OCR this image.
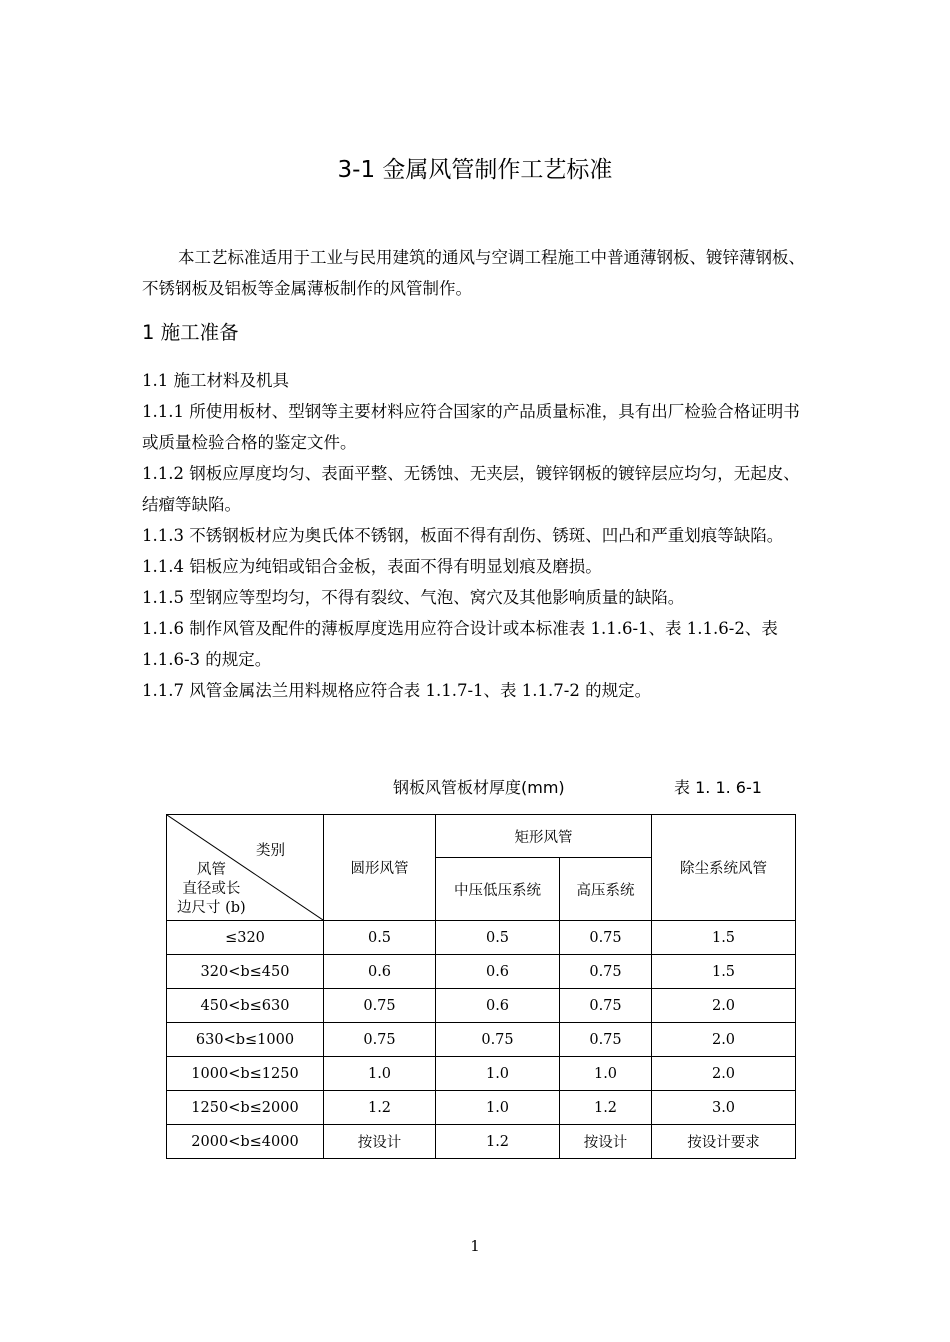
3-1 金属风管制作工艺标准
本工艺标准适用于工业与民用建筑的通风与空调工程施工中普通薄钢板、镀锌薄钢板、不锈钢板及铝板等金属薄板制作的风管制作。
1 施工准备

1.1 施工材料及机具

1.1.1 所使用板材、型钢等主要材料应符合国家的产品质量标准，具有出厂检验合格证明书或质量检验合格的鉴定文件。

1.1.2 钢板应厚度均匀、表面平整、无锈蚀、无夹层，镀锌钢板的镀锌层应均匀，无起皮、结瘤等缺陷。

1.1.3 不锈钢板材应为奥氏体不锈钢，板面不得有刮伤、锈斑、凹凸和严重划痕等缺陷。

1.1.4 铝板应为纯铝或铝合金板，表面不得有明显划痕及磨损。

1.1.5 型钢应等型均匀，不得有裂纹、气泡、窝穴及其他影响质量的缺陷。

1.1.6 制作风管及配件的薄板厚度选用应符合设计或本标准表 1.1.6-1、表 1.1.6-2、表 1.1.6-3 的规定。

1.1.7 风管金属法兰用料规格应符合表 1.1.7-1、表 1.1.7-2 的规定。

钢板风管板材厚度(mm)	表 1. 1. 6-1
类别
风管
直径或长
边尺寸 (b)	圆形风管	矩形风管		除尘系统风管
		中压低压系统	高压系统	
≤320	0.5	0.5	0.75	1.5
320<b≤450	0.6	0.6	0.75	1.5
450<b≤630	0.75	0.6	0.75	2.0
630<b≤1000	0.75	0.75	0.75	2.0
1000<b≤1250	1.0	1.0	1.0	2.0
1250<b≤2000	1.2	1.0	1.2	3.0
2000<b≤4000	按设计	1.2	按设计	按设计要求
1
